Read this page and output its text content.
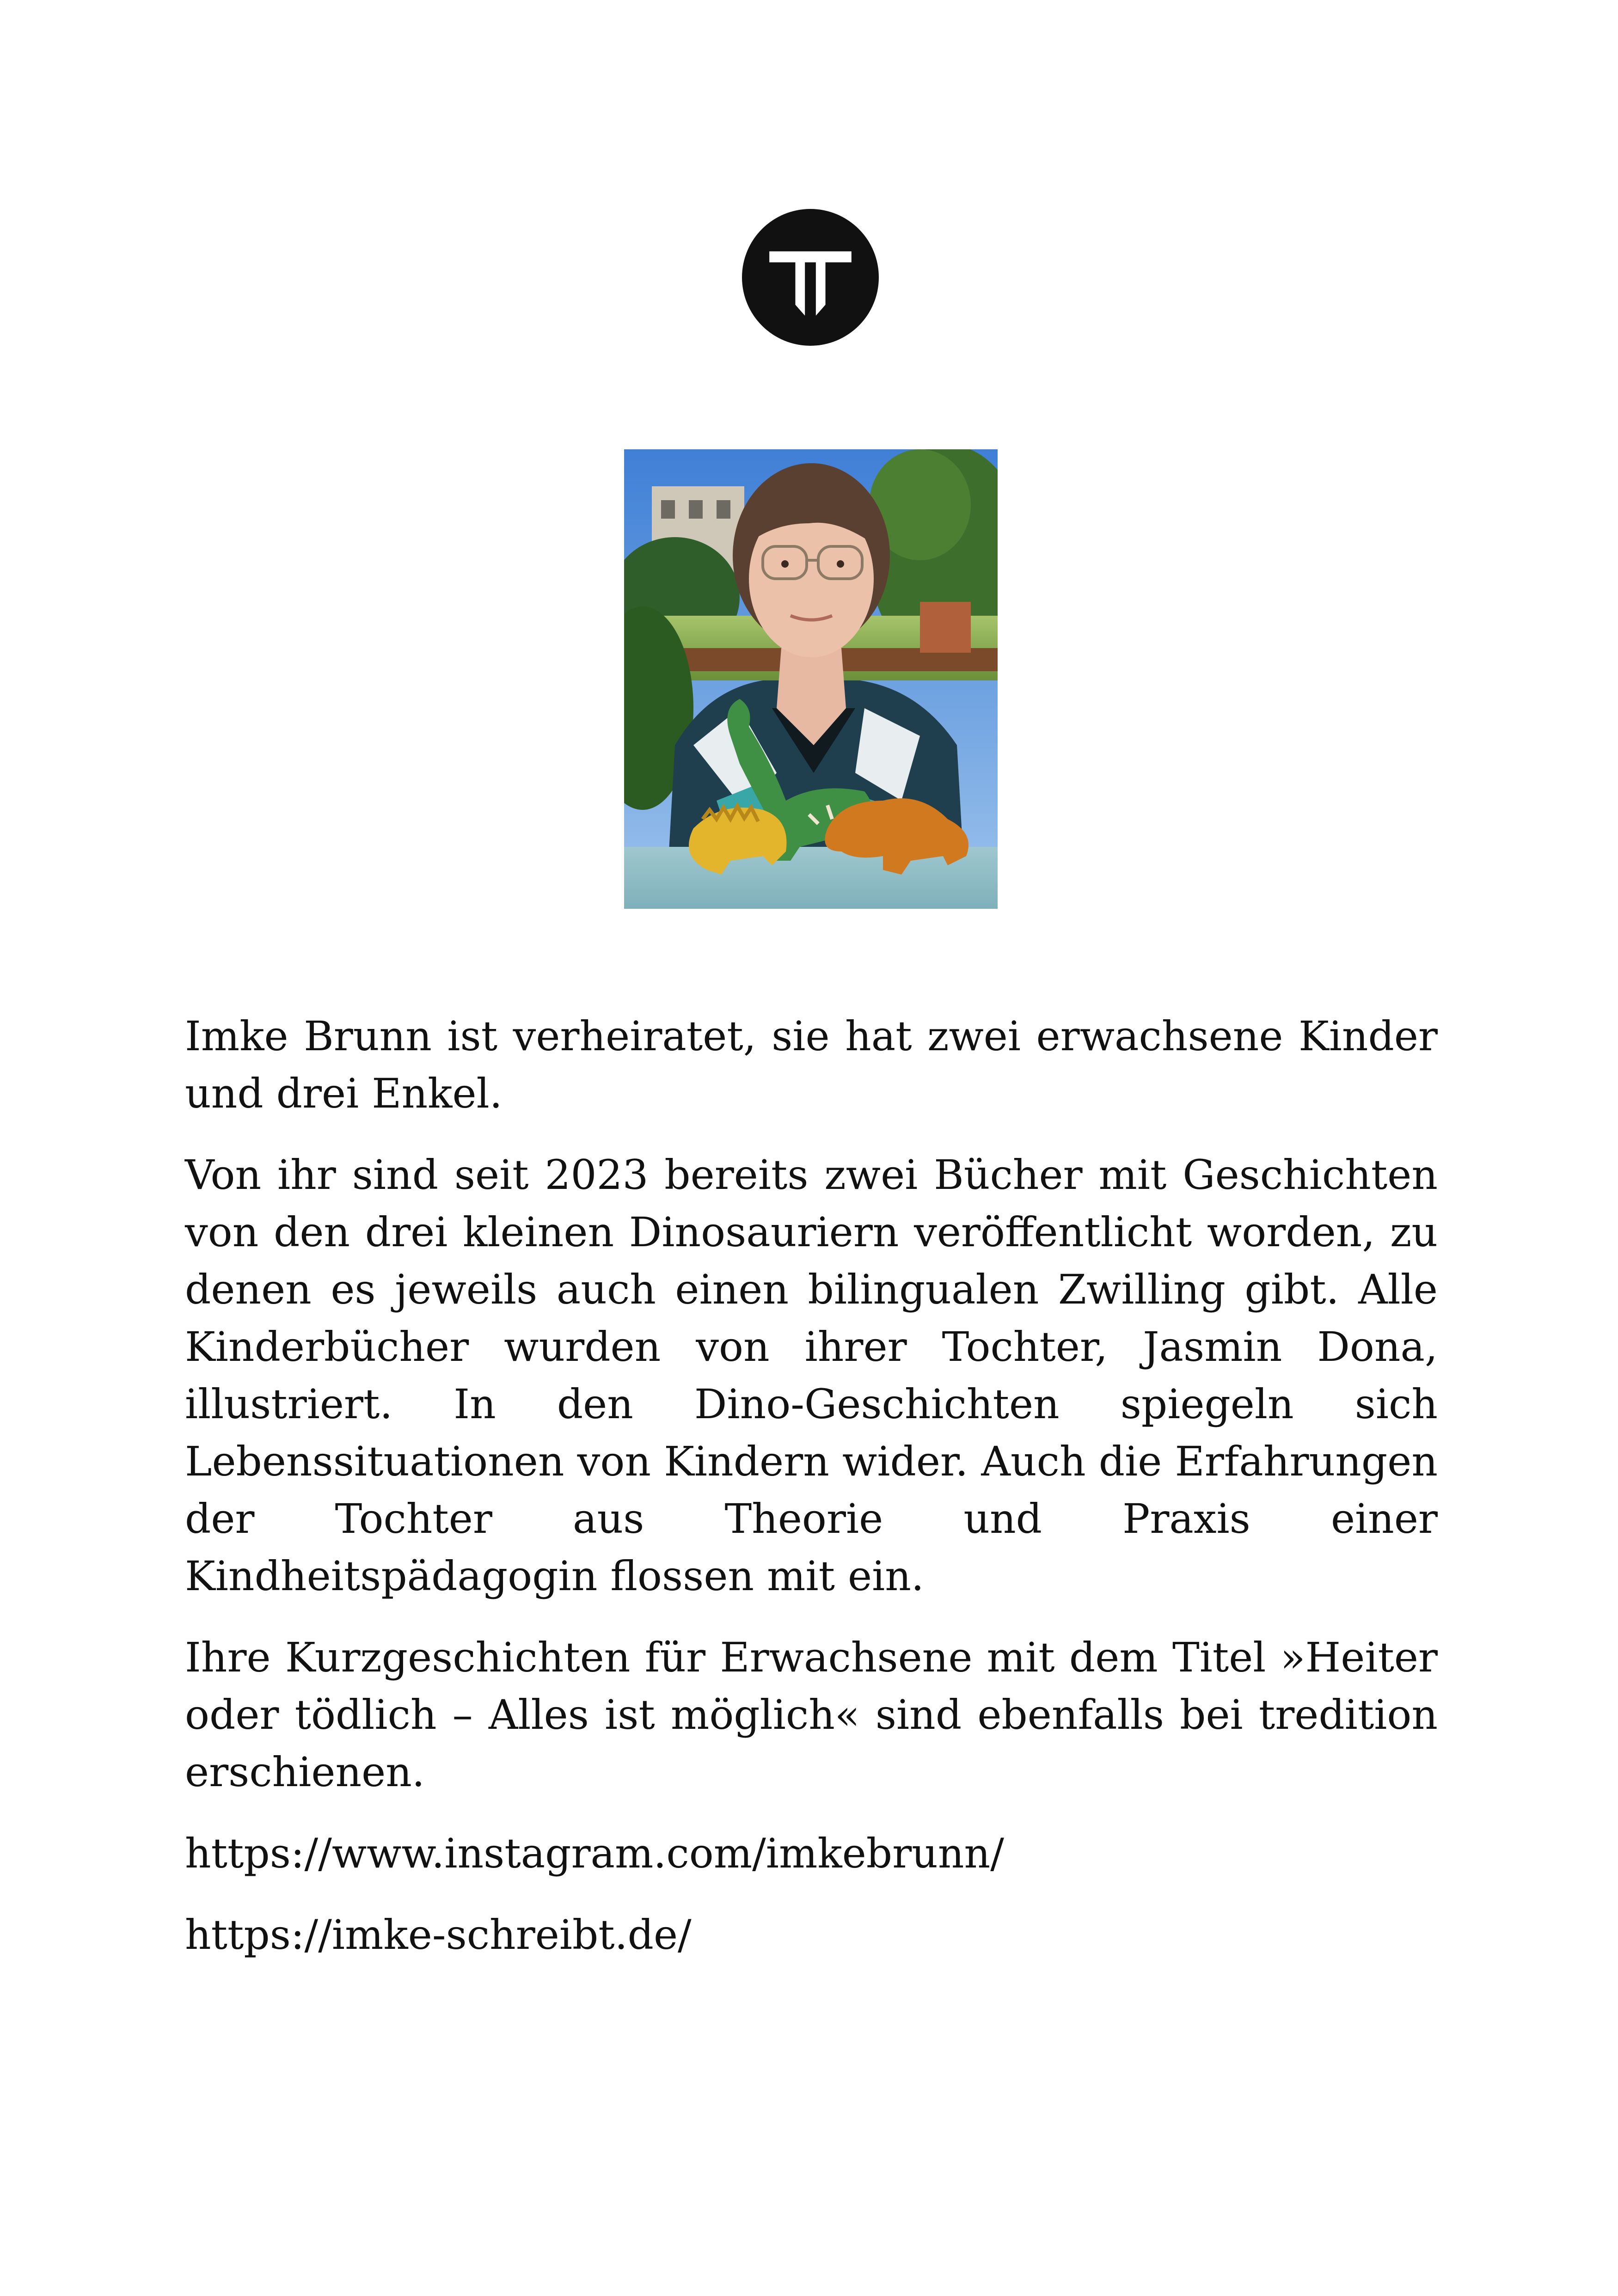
Imke Brunn ist verheiratet, sie hat zwei erwachsene Kinder und drei Enkel.

Von ihr sind seit 2023 bereits zwei Bücher mit Geschichten von den drei kleinen Dinosauriern veröffentlicht worden, zu denen es jeweils auch einen bilingualen Zwilling gibt. Alle Kinderbücher wurden von ihrer Tochter, Jasmin Dona, illustriert. In den Dino-Geschichten spiegeln sich Lebenssituationen von Kindern wider. Auch die Erfahrungen der Tochter aus Theorie und Praxis einer Kindheitspädagogin flossen mit ein.

Ihre Kurzgeschichten für Erwachsene mit dem Titel »Heiter oder tödlich – Alles ist möglich« sind ebenfalls bei tredition erschienen.

https://www.instagram.com/imkebrunn/
https://imke-schreibt.de/
